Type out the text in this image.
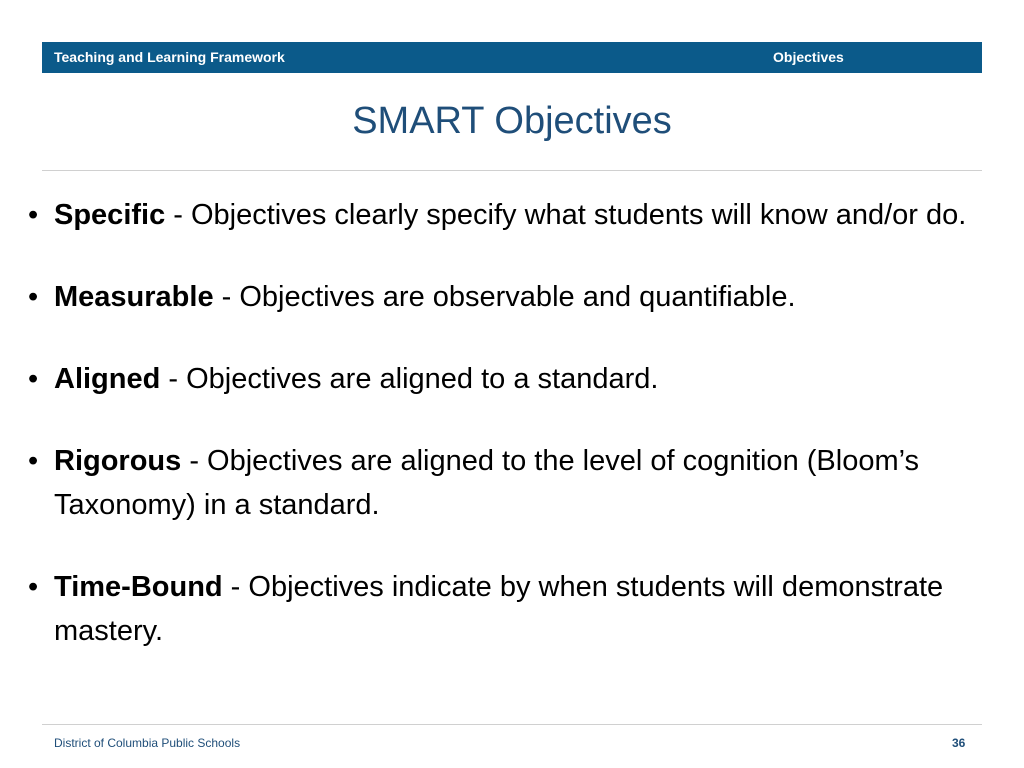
Teaching and Learning Framework	Objectives
SMART Objectives
• Specific - Objectives clearly specify what students will know and/or do.
• Measurable - Objectives are observable and quantifiable.
• Aligned - Objectives are aligned to a standard.
• Rigorous - Objectives are aligned to the level of cognition (Bloom’s Taxonomy) in a standard.
• Time-Bound - Objectives indicate by when students will demonstrate mastery.
District of Columbia Public Schools	36
